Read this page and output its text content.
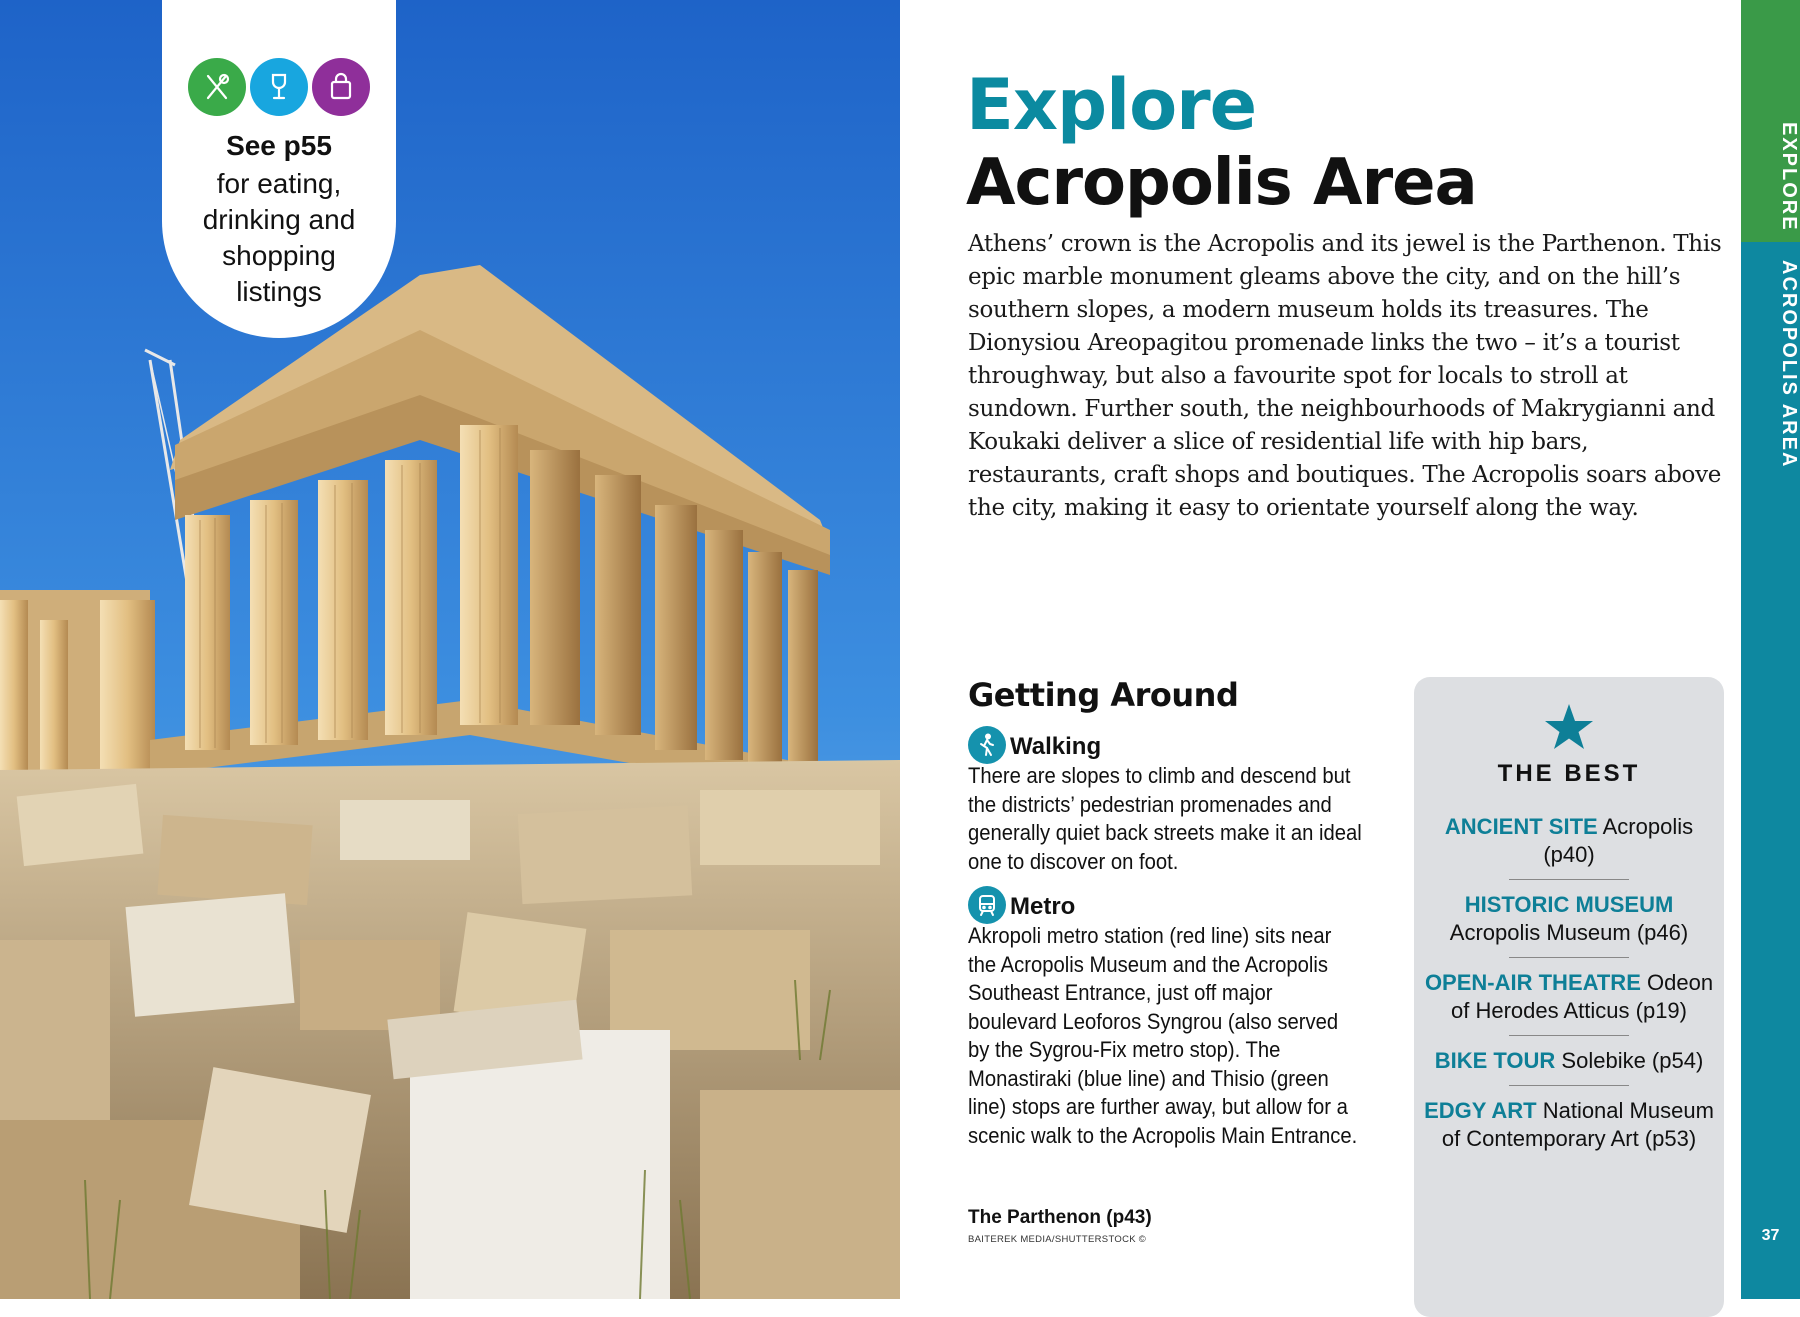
See p55
for eating, drinking and shopping listings
Explore
Acropolis Area
Athens’ crown is the Acropolis and its jewel is the Parthenon. This epic marble monument gleams above the city, and on the hill’s southern slopes, a modern museum holds its treasures. The Dionysiou Areopagitou promenade links the two – it’s a tourist throughway, but also a favourite spot for locals to stroll at sundown. Further south, the neighbourhoods of Makrygianni and Koukaki deliver a slice of residential life with hip bars, restaurants, craft shops and boutiques. The Acropolis soars above the city, making it easy to orientate yourself along the way.
Getting Around
Walking
There are slopes to climb and descend but the districts’ pedestrian promenades and generally quiet back streets make it an ideal one to discover on foot.
Metro
Akropoli metro station (red line) sits near the Acropolis Museum and the Acropolis Southeast Entrance, just off major boulevard Leoforos Syngrou (also served by the Sygrou-Fix metro stop). The Monastiraki (blue line) and Thisio (green line) stops are further away, but allow for a scenic walk to the Acropolis Main Entrance.
The Parthenon (p43)
BAITEREK MEDIA/SHUTTERSTOCK ©
THE BEST
ANCIENT SITE Acropolis (p40)
HISTORIC MUSEUM Acropolis Museum (p46)
OPEN-AIR THEATRE Odeon of Herodes Atticus (p19)
BIKE TOUR Solebike (p54)
EDGY ART National Museum of Contemporary Art (p53)
EXPLORE
ACROPOLIS AREA
37
